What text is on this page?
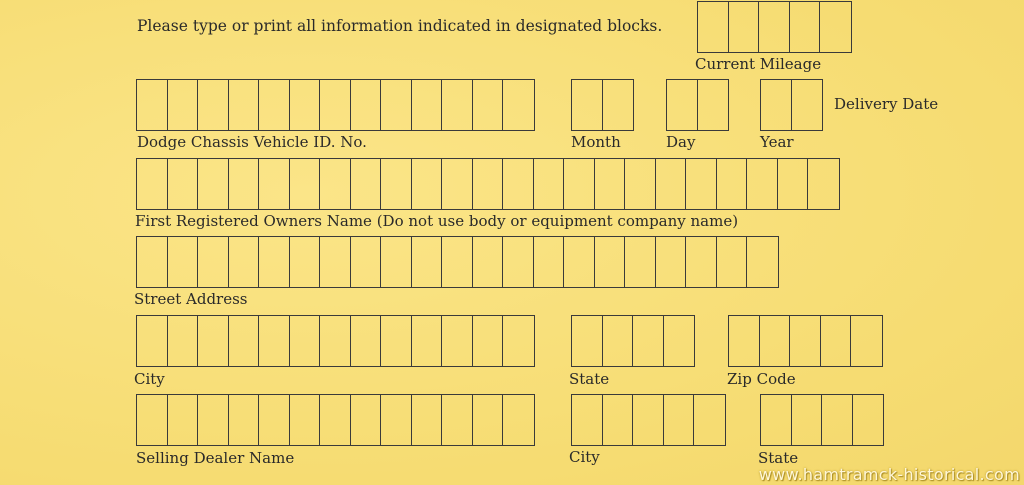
Please type or print all information indicated in designated blocks.
Current Mileage
Dodge Chassis Vehicle ID. No.	Month	Day	Year
Delivery Date
First Registered Owners Name (Do not use body or equipment company name)
Street Address
City	State	Zip Code
Selling Dealer Name	City	State
www.hamtramck-historical.com
